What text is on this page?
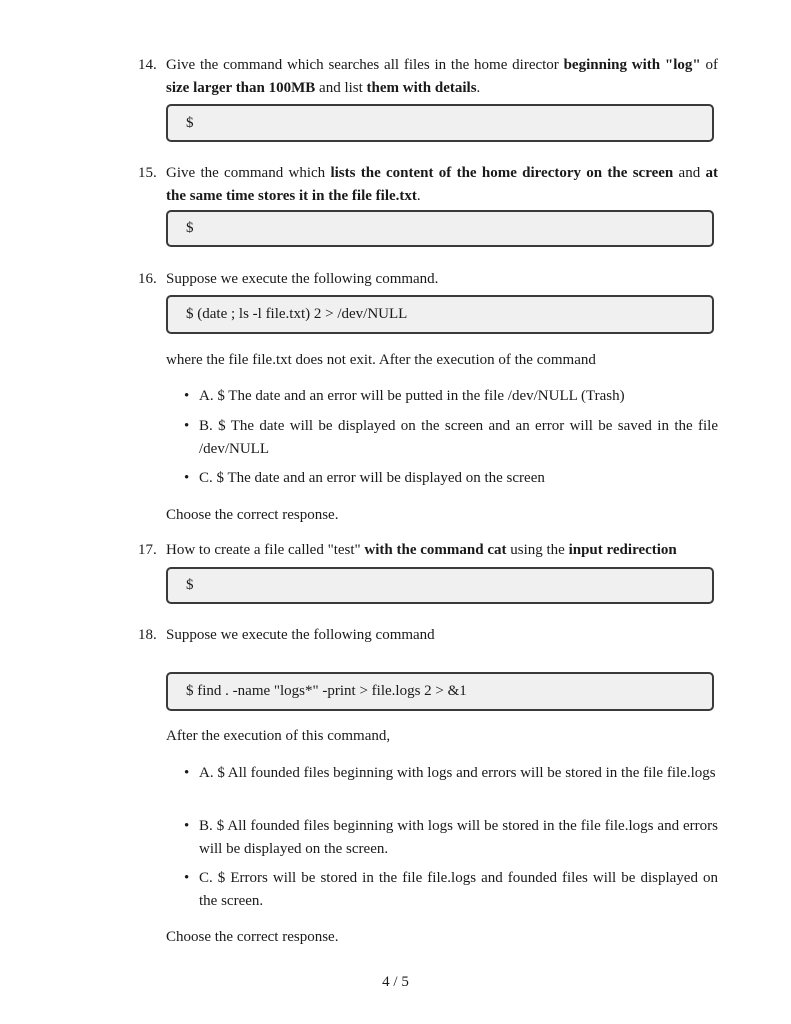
14. Give the command which searches all files in the home director beginning with "log" of size larger than 100MB and list them with details.
$
15. Give the command which lists the content of the home directory on the screen and at the same time stores it in the file file.txt.
$
16. Suppose we execute the following command.
$ (date ; ls -l file.txt) 2 > /dev/NULL
where the file file.txt does not exit. After the execution of the command
• A. $ The date and an error will be putted in the file /dev/NULL (Trash)
• B. $ The date will be displayed on the screen and an error will be saved in the file /dev/NULL
• C. $ The date and an error will be displayed on the screen
Choose the correct response.
17. How to create a file called "test" with the command cat using the input redirection
$
18. Suppose we execute the following command
$ find . -name "logs*" -print > file.logs 2 > &1
After the execution of this command,
• A. $ All founded files beginning with logs and errors will be stored in the file file.logs
• B. $ All founded files beginning with logs will be stored in the file file.logs and errors will be displayed on the screen.
• C. $ Errors will be stored in the file file.logs and founded files will be displayed on the screen.
Choose the correct response.
4 / 5
